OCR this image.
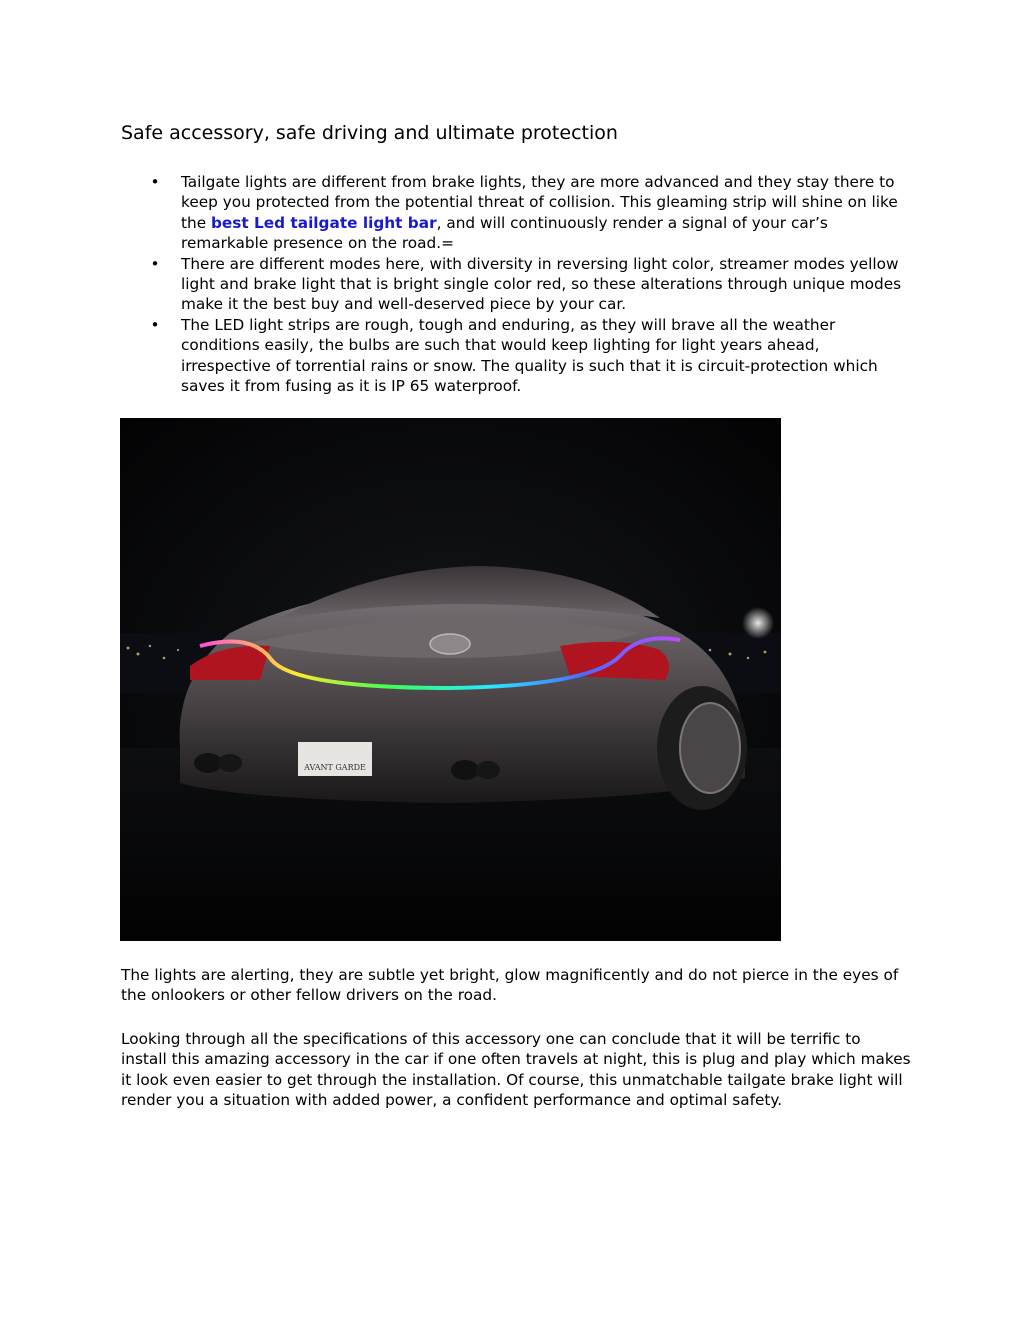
Safe accessory, safe driving and ultimate protection
• Tailgate lights are different from brake lights, they are more advanced and they stay there to keep you protected from the potential threat of collision. This gleaming strip will shine on like the best Led tailgate light bar, and will continuously render a signal of your car’s remarkable presence on the road.=
• There are different modes here, with diversity in reversing light color, streamer modes yellow light and brake light that is bright single color red, so these alterations through unique modes make it the best buy and well-deserved piece by your car.
• The LED light strips are rough, tough and enduring, as they will brave all the weather conditions easily, the bulbs are such that would keep lighting for light years ahead, irrespective of torrential rains or snow. The quality is such that it is circuit-protection which saves it from fusing as it is IP 65 waterproof.
AVANT GARDE

The lights are alerting, they are subtle yet bright, glow magnificently and do not pierce in the eyes of the onlookers or other fellow drivers on the road.

Looking through all the specifications of this accessory one can conclude that it will be terrific to install this amazing accessory in the car if one often travels at night, this is plug and play which makes it look even easier to get through the installation. Of course, this unmatchable tailgate brake light will render you a situation with added power, a confident performance and optimal safety.
